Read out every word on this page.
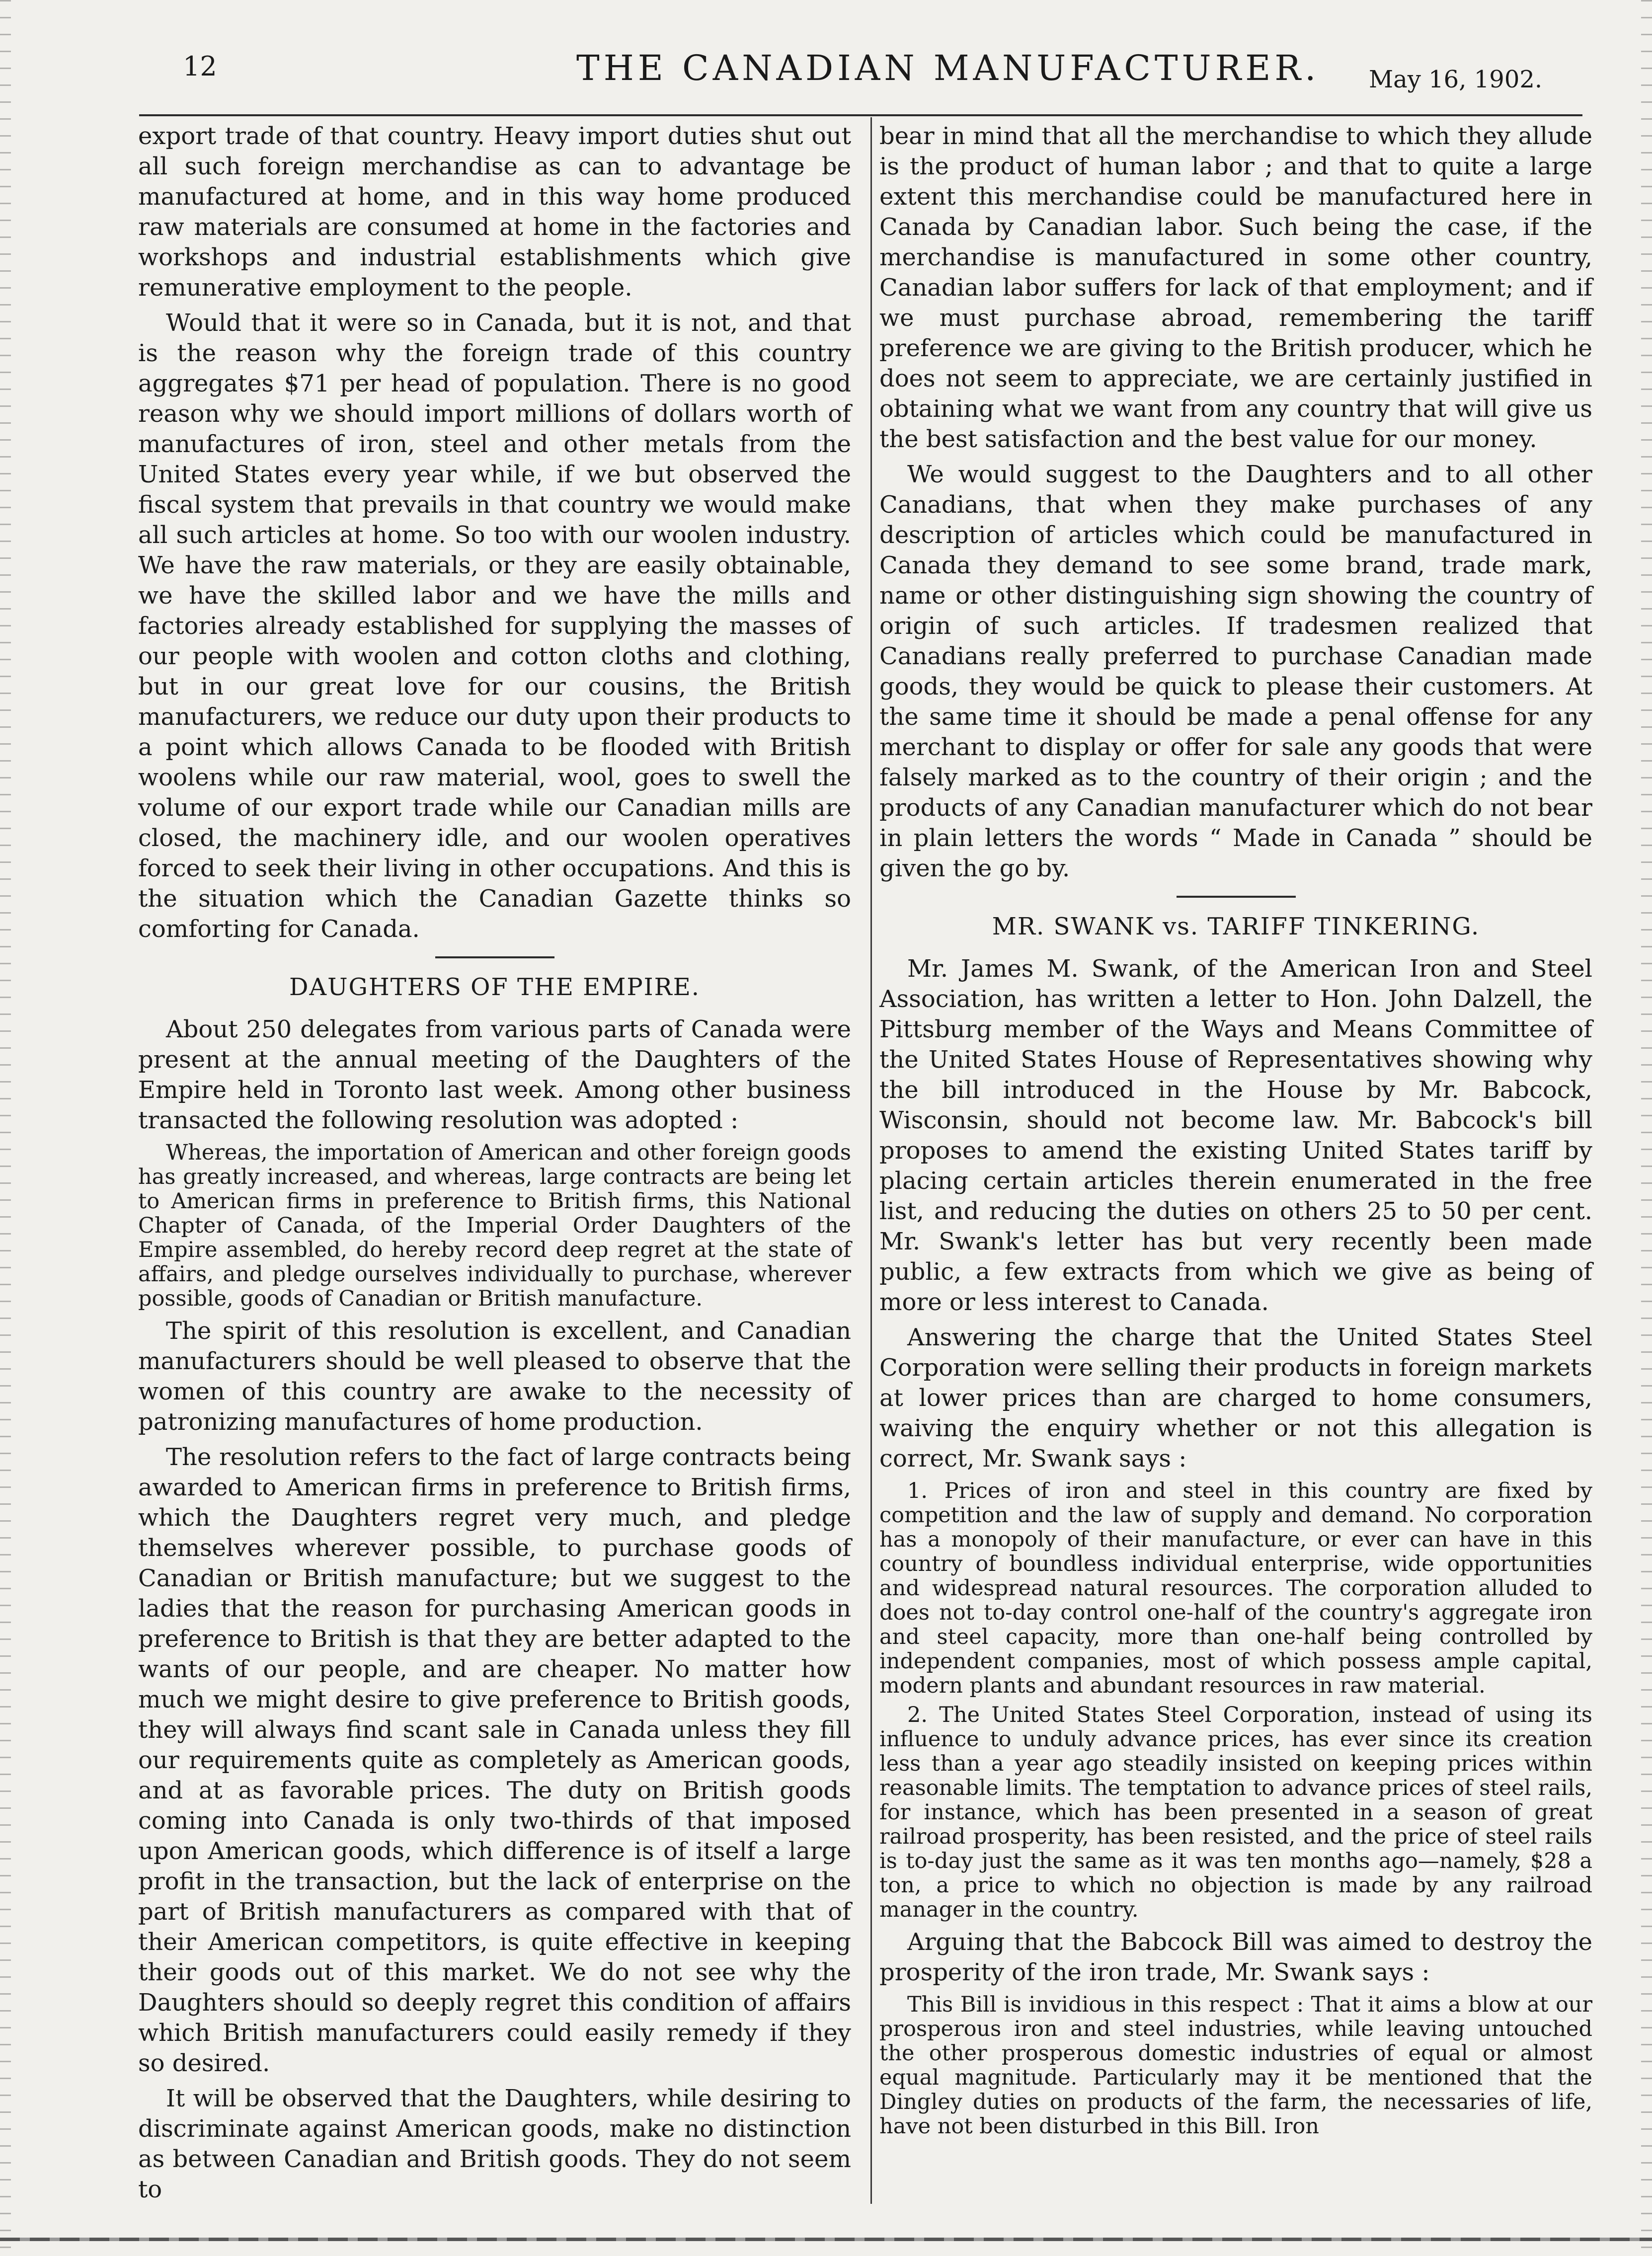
12	THE CANADIAN MANUFACTURER. May 16, 1902.

export trade of that country. Heavy import duties shut out all such foreign merchandise as can to advantage be manufactured at home, and in this way home produced raw materials are consumed at home in the factories and workshops and industrial establishments which give remunerative employment to the people.

Would that it were so in Canada, but it is not, and that is the reason why the foreign trade of this country aggregates $71 per head of population. There is no good reason why we should import millions of dollars worth of manufactures of iron, steel and other metals from the United States every year while, if we but observed the fiscal system that prevails in that country we would make all such articles at home. So too with our woolen industry. We have the raw materials, or they are easily obtainable, we have the skilled labor and we have the mills and factories already established for supplying the masses of our people with woolen and cotton cloths and clothing, but in our great love for our cousins, the British manufacturers, we reduce our duty upon their products to a point which allows Canada to be flooded with British woolens while our raw material, wool, goes to swell the volume of our export trade while our Canadian mills are closed, the machinery idle, and our woolen operatives forced to seek their living in other occupations. And this is the situation which the Canadian Gazette thinks so comforting for Canada.

DAUGHTERS OF THE EMPIRE.

About 250 delegates from various parts of Canada were present at the annual meeting of the Daughters of the Empire held in Toronto last week. Among other business transacted the following resolution was adopted :

Whereas, the importation of American and other foreign goods has greatly increased, and whereas, large contracts are being let to American firms in preference to British firms, this National Chapter of Canada, of the Imperial Order Daughters of the Empire assembled, do hereby record deep regret at the state of affairs, and pledge ourselves individually to purchase, wherever possible, goods of Canadian or British manufacture.

The spirit of this resolution is excellent, and Canadian manufacturers should be well pleased to observe that the women of this country are awake to the necessity of patronizing manufactures of home production.

The resolution refers to the fact of large contracts being awarded to American firms in preference to British firms, which the Daughters regret very much, and pledge themselves wherever possible, to purchase goods of Canadian or British manufacture; but we suggest to the ladies that the reason for purchasing American goods in preference to British is that they are better adapted to the wants of our people, and are cheaper. No matter how much we might desire to give preference to British goods, they will always find scant sale in Canada unless they fill our requirements quite as completely as American goods, and at as favorable prices. The duty on British goods coming into Canada is only two-thirds of that imposed upon American goods, which difference is of itself a large profit in the transaction, but the lack of enterprise on the part of British manufacturers as compared with that of their American competitors, is quite effective in keeping their goods out of this market. We do not see why the Daughters should so deeply regret this condition of affairs which British manufacturers could easily remedy if they so desired.

It will be observed that the Daughters, while desiring to discriminate against American goods, make no distinction as between Canadian and British goods. They do not seem to

bear in mind that all the merchandise to which they allude is the product of human labor ; and that to quite a large extent this merchandise could be manufactured here in Canada by Canadian labor. Such being the case, if the merchandise is manufactured in some other country, Canadian labor suffers for lack of that employment; and if we must purchase abroad, remembering the tariff preference we are giving to the British producer, which he does not seem to appreciate, we are certainly justified in obtaining what we want from any country that will give us the best satisfaction and the best value for our money.

We would suggest to the Daughters and to all other Canadians, that when they make purchases of any description of articles which could be manufactured in Canada they demand to see some brand, trade mark, name or other distinguishing sign showing the country of origin of such articles. If tradesmen realized that Canadians really preferred to purchase Canadian made goods, they would be quick to please their customers. At the same time it should be made a penal offense for any merchant to display or offer for sale any goods that were falsely marked as to the country of their origin ; and the products of any Canadian manufacturer which do not bear in plain letters the words “ Made in Canada ” should be given the go by.

MR. SWANK vs. TARIFF TINKERING.

Mr. James M. Swank, of the American Iron and Steel Association, has written a letter to Hon. John Dalzell, the Pittsburg member of the Ways and Means Committee of the United States House of Representatives showing why the bill introduced in the House by Mr. Babcock, Wisconsin, should not become law. Mr. Babcock's bill proposes to amend the existing United States tariff by placing certain articles therein enumerated in the free list, and reducing the duties on others 25 to 50 per cent. Mr. Swank's letter has but very recently been made public, a few extracts from which we give as being of more or less interest to Canada.

Answering the charge that the United States Steel Corporation were selling their products in foreign markets at lower prices than are charged to home consumers, waiving the enquiry whether or not this allegation is correct, Mr. Swank says :

1. Prices of iron and steel in this country are fixed by competition and the law of supply and demand. No corporation has a monopoly of their manufacture, or ever can have in this country of boundless individual enterprise, wide opportunities and widespread natural resources. The corporation alluded to does not to-day control one-half of the country's aggregate iron and steel capacity, more than one-half being controlled by independent companies, most of which possess ample capital, modern plants and abundant resources in raw material.

2. The United States Steel Corporation, instead of using its influence to unduly advance prices, has ever since its creation less than a year ago steadily insisted on keeping prices within reasonable limits. The temptation to advance prices of steel rails, for instance, which has been presented in a season of great railroad prosperity, has been resisted, and the price of steel rails is to-day just the same as it was ten months ago—namely, $28 a ton, a price to which no objection is made by any railroad manager in the country.

Arguing that the Babcock Bill was aimed to destroy the prosperity of the iron trade, Mr. Swank says :

This Bill is invidious in this respect : That it aims a blow at our prosperous iron and steel industries, while leaving untouched the other prosperous domestic industries of equal or almost equal magnitude. Particularly may it be mentioned that the Dingley duties on products of the farm, the necessaries of life, have not been disturbed in this Bill. Iron
